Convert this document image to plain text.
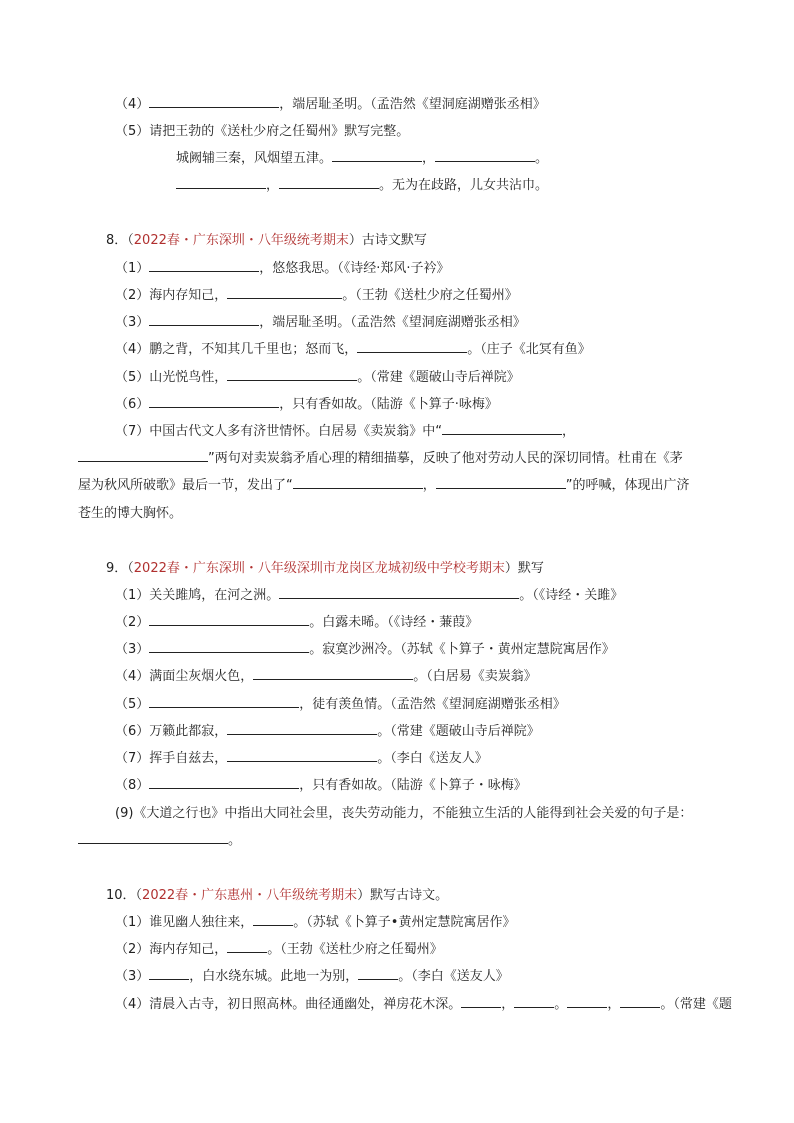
（4）	，端居耻圣明。（孟浩然《望洞庭湖赠张丞相》
（5）请把王勃的《送杜少府之任蜀州》默写完整。
城阙辅三秦，风烟望五津。	，	。
，	。无为在歧路，儿女共沾巾。
8．（2022春・广东深圳・八年级统考期末）古诗文默写
（1）	，悠悠我思。（《诗经·郑风·子衿》
（2）海内存知己，	。（王勃《送杜少府之任蜀州》
（3）	，端居耻圣明。（孟浩然《望洞庭湖赠张丞相》
（4）鹏之背，不知其几千里也；怒而飞，	。（庄子《北冥有鱼》
（5）山光悦鸟性，	。（常建《题破山寺后禅院》
（6）	，只有香如故。（陆游《卜算子·咏梅》
（7）中国古代文人多有济世情怀。白居易《卖炭翁》中“	，
”两句对卖炭翁矛盾心理的精细描摹，反映了他对劳动人民的深切同情。杜甫在《茅
屋为秋风所破歌》最后一节，发出了“	，	”的呼喊，体现出广济
苍生的博大胸怀。
9．（2022春・广东深圳・八年级深圳市龙岗区龙城初级中学校考期末）默写
（1）关关雎鸠，在河之洲。	。（《诗经・关雎》
（2）	。白露未晞。（《诗经・蒹葭》
（3）	。寂寞沙洲冷。（苏轼《卜算子・黄州定慧院寓居作》
（4）满面尘灰烟火色，	。（白居易《卖炭翁》
（5）	，徒有羡鱼情。（孟浩然《望洞庭湖赠张丞相》
（6）万籁此都寂，	。（常建《题破山寺后禅院》
（7）挥手自兹去，	。（李白《送友人》
（8）	，只有香如故。（陆游《卜算子・咏梅》
(9)《大道之行也》中指出大同社会里，丧失劳动能力，不能独立生活的人能得到社会关爱的句子是：
。
10．（2022春・广东惠州・八年级统考期末）默写古诗文。
（1）谁见幽人独往来，	。（苏轼《卜算子•黄州定慧院寓居作》
（2）海内存知己，	。（王勃《送杜少府之任蜀州》
（3）	，白水绕东城。此地一为别，	。（李白《送友人》
（4）清晨入古寺，初日照高林。曲径通幽处，禅房花木深。	，	。	，	。（常建《题
